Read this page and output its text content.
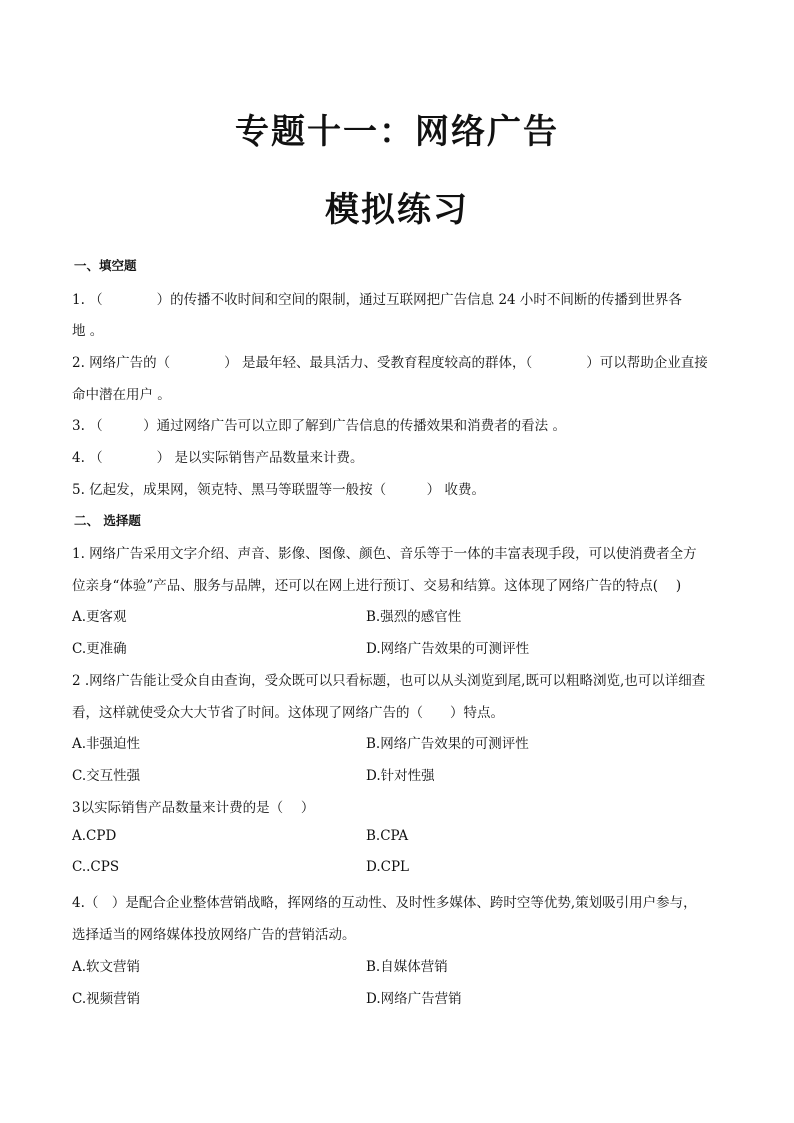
专题十一：网络广告
模拟练习
一、填空题
1. （　　　　）的传播不收时间和空间的限制，通过互联网把广告信息 24 小时不间断的传播到世界各
地 。
2. 网络广告的（　　　　） 是最年轻、最具活力、受教育程度较高的群体，（　　　　）可以帮助企业直接
命中潜在用户 。
3. （　　　）通过网络广告可以立即了解到广告信息的传播效果和消费者的看法 。
4. （　　　　） 是以实际销售产品数量来计费。
5. 亿起发，成果网，领克特、黑马等联盟等一般按（　　　） 收费。
二、 选择题
1. 网络广告采用文字介绍、声音、影像、图像、颜色、音乐等于一体的丰富表现手段，可以使消费者全方
位亲身“体验”产品、服务与品牌，还可以在网上进行预订、交易和结算。这体现了网络广告的特点(　 )
A.更客观	B.强烈的感官性
C.更准确	D.网络广告效果的可测评性
2 .网络广告能让受众自由查询，受众既可以只看标题，也可以从头浏览到尾,既可以粗略浏览,也可以详细查
看，这样就使受众大大节省了时间。这体现了网络广告的（　　）特点。
A.非强迫性	B.网络广告效果的可测评性
C.交互性强	D.针对性强
3以实际销售产品数量来计费的是（　 ）
A.CPD	B.CPA
C..CPS	D.CPL
4.（　）是配合企业整体营销战略，挥网络的互动性、及时性多媒体、跨时空等优势,策划吸引用户参与，
选择适当的网络媒体投放网络广告的营销活动。
A.软文营销	B.自媒体营销
C.视频营销	D.网络广告营销
